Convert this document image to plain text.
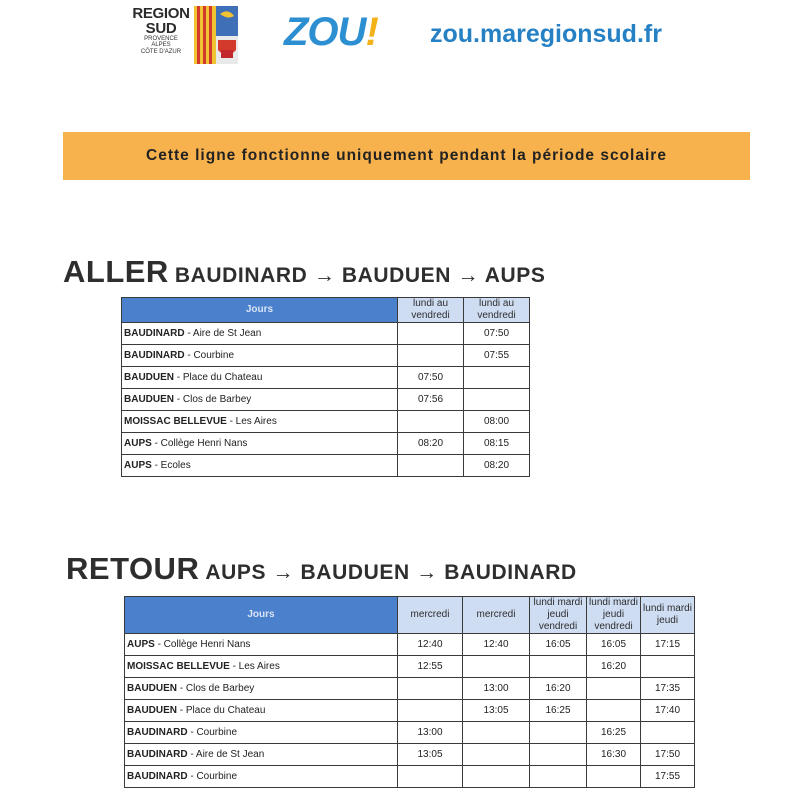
REGION
SUD
PROVENCE
ALPES
CÔTE D'AZUR	ZOU! zou.maregionsud.fr
Cette ligne fonctionne uniquement pendant la période scolaire
ALLER BAUDINARD → BAUDUEN → AUPS
Jours	lundi au vendredi	lundi au vendredi
BAUDINARD - Aire de St Jean		07:50
BAUDINARD - Courbine		07:55
BAUDUEN - Place du Chateau	07:50	
BAUDUEN - Clos de Barbey	07:56	
MOISSAC BELLEVUE - Les Aires		08:00
AUPS - Collège Henri Nans	08:20	08:15
AUPS - Ecoles		08:20
RETOUR AUPS → BAUDUEN → BAUDINARD
Jours	mercredi	mercredi	lundi mardi jeudi vendredi	lundi mardi jeudi vendredi	lundi mardi jeudi
AUPS - Collège Henri Nans	12:40	12:40	16:05	16:05	17:15
MOISSAC BELLEVUE - Les Aires	12:55			16:20	
BAUDUEN - Clos de Barbey		13:00	16:20		17:35
BAUDUEN - Place du Chateau		13:05	16:25		17:40
BAUDINARD - Courbine	13:00			16:25	
BAUDINARD - Aire de St Jean	13:05			16:30	17:50
BAUDINARD - Courbine					17:55
